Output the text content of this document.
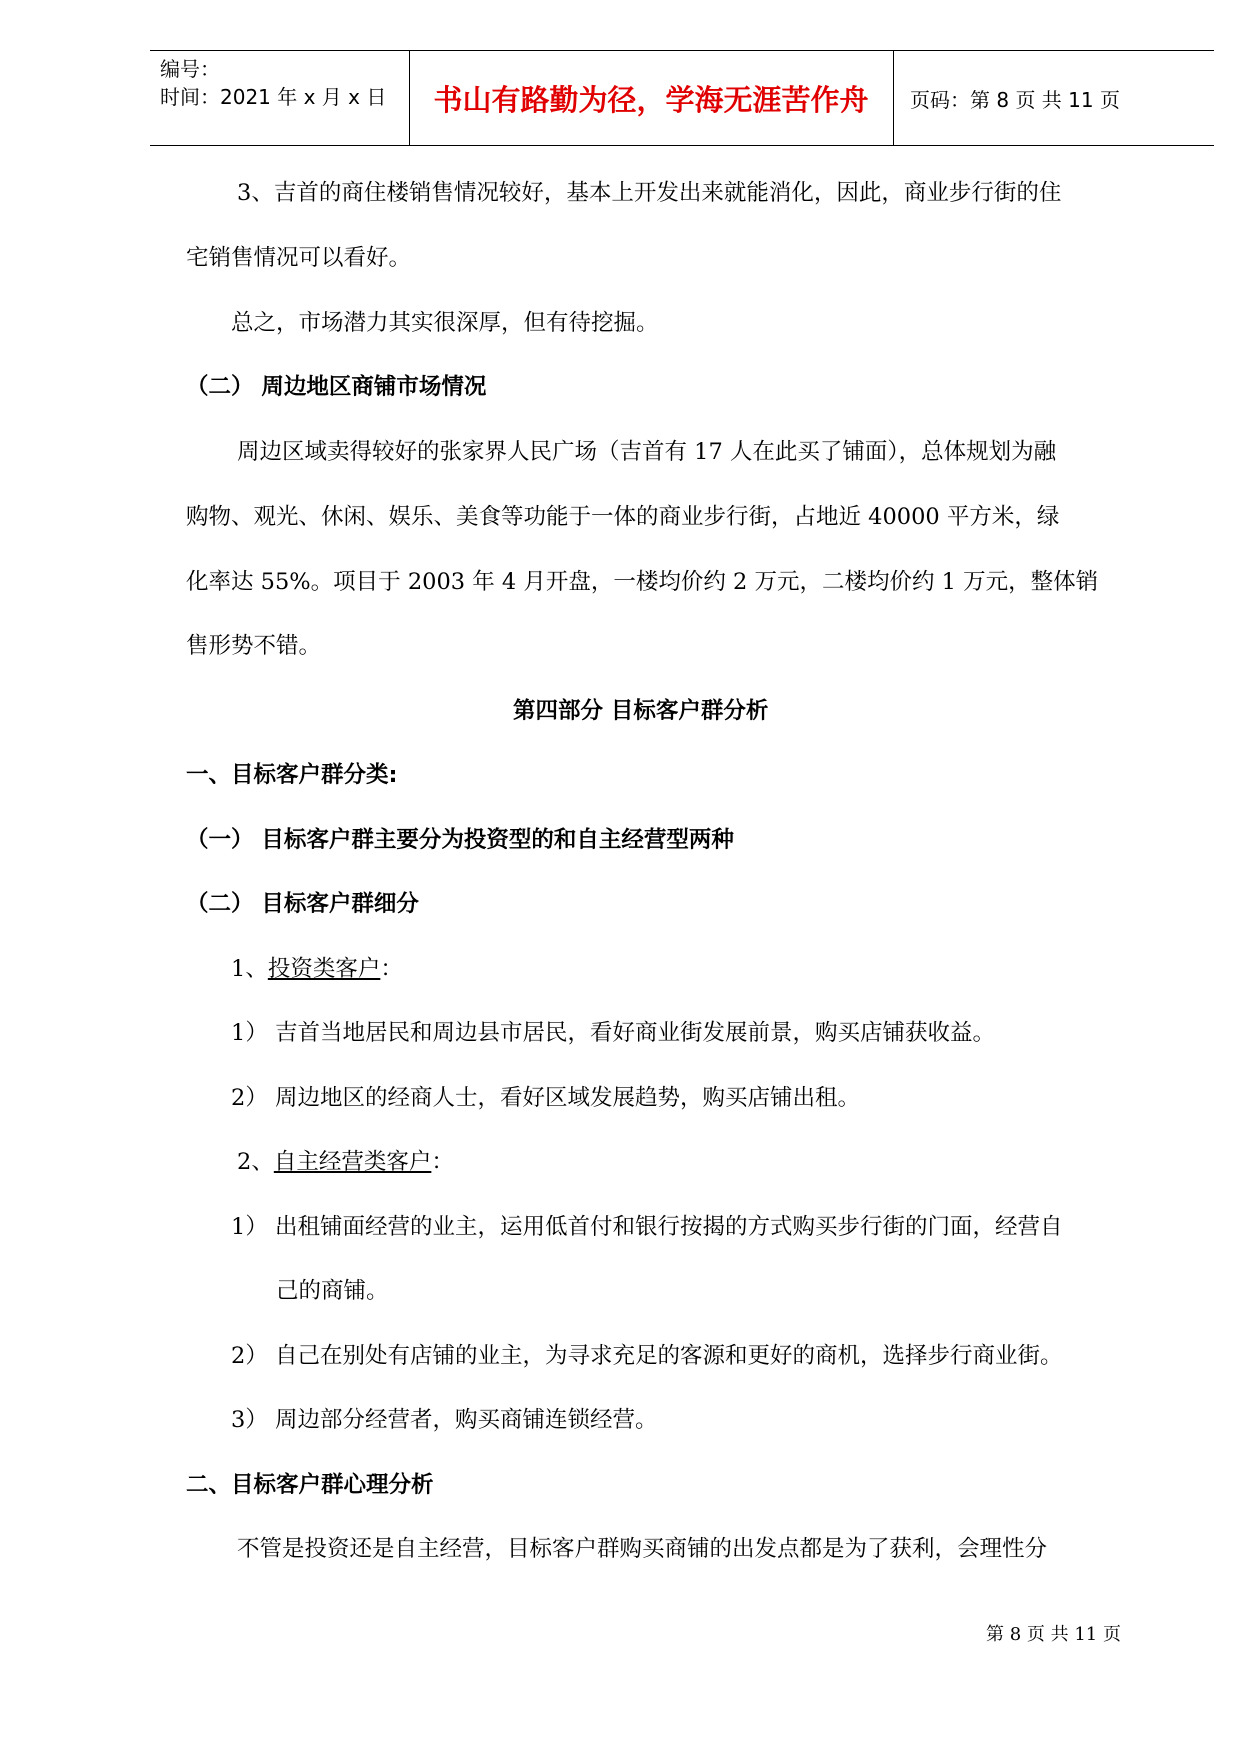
编号：
时间：2021 年 x 月 x 日	书山有路勤为径，学海无涯苦作舟	页码：第 8 页 共 11 页
3、吉首的商住楼销售情况较好，基本上开发出来就能消化，因此，商业步行街的住
宅销售情况可以看好。
总之，市场潜力其实很深厚，但有待挖掘。
（二） 周边地区商铺市场情况
周边区域卖得较好的张家界人民广场（吉首有 17 人在此买了铺面），总体规划为融
购物、观光、休闲、娱乐、美食等功能于一体的商业步行街，占地近 40000 平方米，绿
化率达 55%。项目于 2003 年 4 月开盘，一楼均价约 2 万元，二楼均价约 1 万元，整体销
售形势不错。
第四部分 目标客户群分析
一、目标客户群分类:
（一） 目标客户群主要分为投资型的和自主经营型两种
（二） 目标客户群细分
1、投资类客户：
1） 吉首当地居民和周边县市居民，看好商业街发展前景，购买店铺获收益。
2） 周边地区的经商人士，看好区域发展趋势，购买店铺出租。
2、自主经营类客户：
1） 出租铺面经营的业主，运用低首付和银行按揭的方式购买步行街的门面，经营自
己的商铺。
2） 自己在别处有店铺的业主，为寻求充足的客源和更好的商机，选择步行商业街。
3） 周边部分经营者，购买商铺连锁经营。
二、目标客户群心理分析
不管是投资还是自主经营，目标客户群购买商铺的出发点都是为了获利，会理性分
第 8 页 共 11 页
